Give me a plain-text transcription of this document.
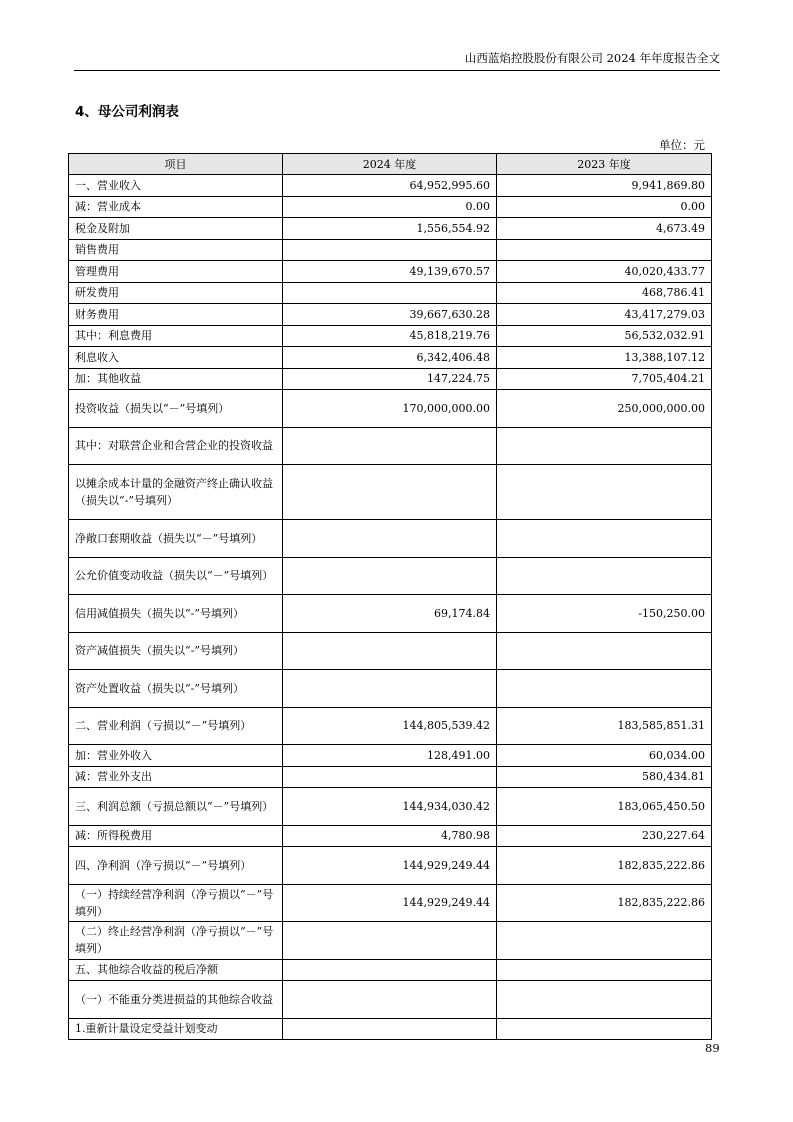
山西蓝焰控股股份有限公司 2024 年年度报告全文
4、母公司利润表
单位：元
项目	2024 年度	2023 年度
一、营业收入	64,952,995.60	9,941,869.80
减：营业成本	0.00	0.00
税金及附加	1,556,554.92	4,673.49
销售费用		
管理费用	49,139,670.57	40,020,433.77
研发费用		468,786.41
财务费用	39,667,630.28	43,417,279.03
其中：利息费用	45,818,219.76	56,532,032.91
利息收入	6,342,406.48	13,388,107.12
加：其他收益	147,224.75	7,705,404.21
投资收益（损失以“－”号填列）	170,000,000.00	250,000,000.00
其中：对联营企业和合营企业的投资收益		
以摊余成本计量的金融资产终止确认收益（损失以“-”号填列）		
净敞口套期收益（损失以“－”号填列）		
公允价值变动收益（损失以“－”号填列）		
信用减值损失（损失以“-”号填列）	69,174.84	-150,250.00
资产减值损失（损失以“-”号填列）		
资产处置收益（损失以“-”号填列）		
二、营业利润（亏损以“－”号填列）	144,805,539.42	183,585,851.31
加：营业外收入	128,491.00	60,034.00
减：营业外支出		580,434.81
三、利润总额（亏损总额以“－”号填列）	144,934,030.42	183,065,450.50
减：所得税费用	4,780.98	230,227.64
四、净利润（净亏损以“－”号填列）	144,929,249.44	182,835,222.86
（一）持续经营净利润（净亏损以“－”号填列）	144,929,249.44	182,835,222.86
（二）终止经营净利润（净亏损以“－”号填列）		
五、其他综合收益的税后净额		
（一）不能重分类进损益的其他综合收益		
1.重新计量设定受益计划变动		
89
